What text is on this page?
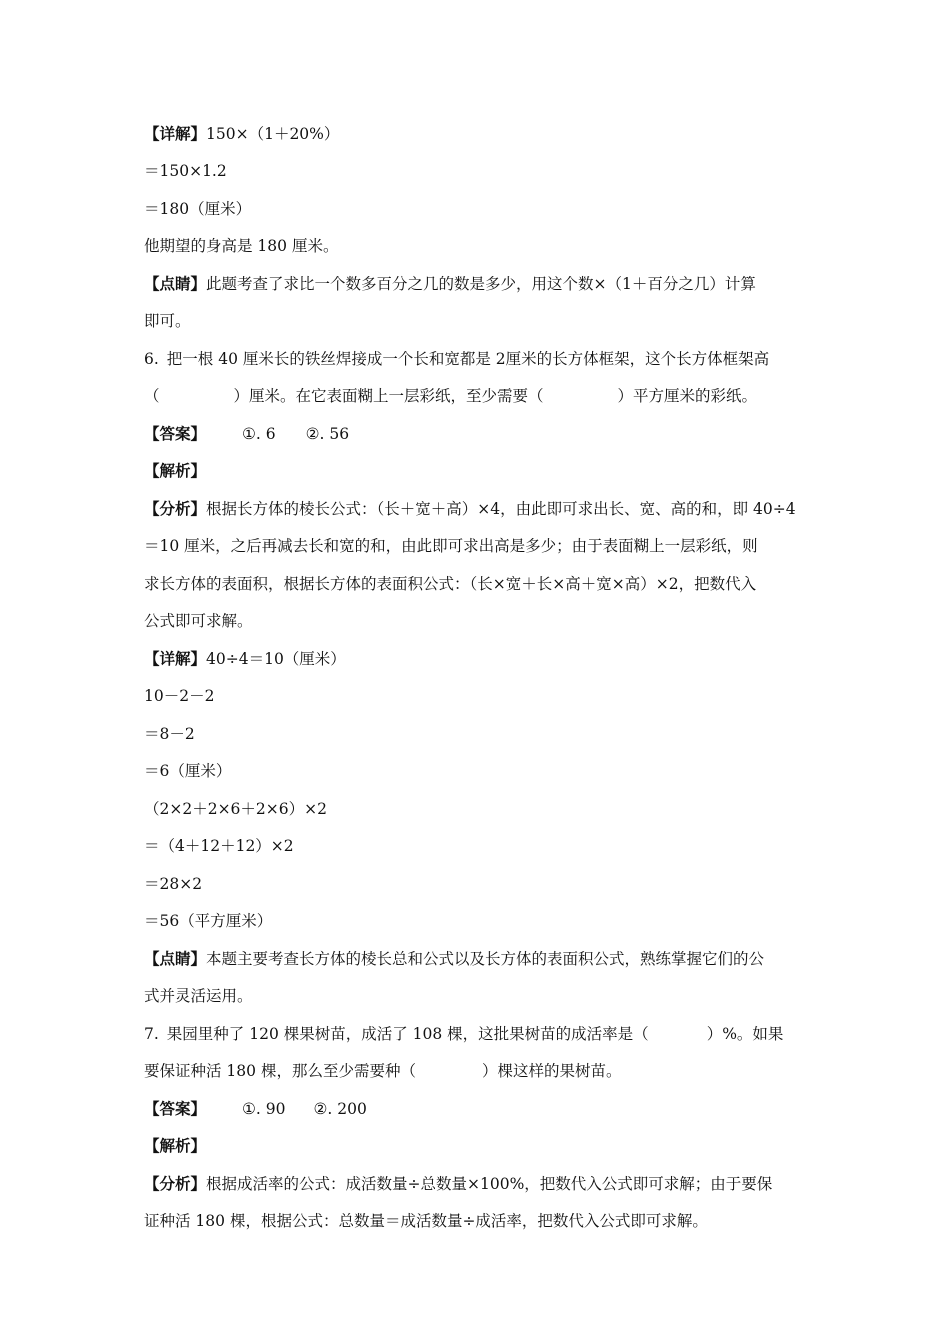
【详解】150×（1＋20%）
＝150×1.2
＝180（厘米）
他期望的身高是 180 厘米。
【点睛】此题考查了求比一个数多百分之几的数是多少，用这个数×（1＋百分之几）计算
即可。
6. 把一根 40 厘米长的铁丝焊接成一个长和宽都是 2厘米的长方体框架，这个长方体框架高
（	）厘米。在它表面糊上一层彩纸，至少需要（	）平方厘米的彩纸。
【答案】 ①. 6 ②. 56
【解析】
【分析】根据长方体的棱长公式：（长＋宽＋高）×4，由此即可求出长、宽、高的和，即 40÷4
＝10 厘米，之后再减去长和宽的和，由此即可求出高是多少；由于表面糊上一层彩纸，则
求长方体的表面积，根据长方体的表面积公式：（长×宽＋长×高＋宽×高）×2，把数代入
公式即可求解。
【详解】40÷4＝10（厘米）
10－2－2
＝8－2
＝6（厘米）
（2×2＋2×6＋2×6）×2
＝（4＋12＋12）×2
＝28×2
＝56（平方厘米）
【点睛】本题主要考查长方体的棱长总和公式以及长方体的表面积公式，熟练掌握它们的公
式并灵活运用。
7. 果园里种了 120 棵果树苗，成活了 108 棵，这批果树苗的成活率是（	）%。如果
要保证种活 180 棵，那么至少需要种（	）棵这样的果树苗。
【答案】 ①. 90 ②. 200
【解析】
【分析】根据成活率的公式：成活数量÷总数量×100%，把数代入公式即可求解；由于要保
证种活 180 棵，根据公式：总数量＝成活数量÷成活率，把数代入公式即可求解。
